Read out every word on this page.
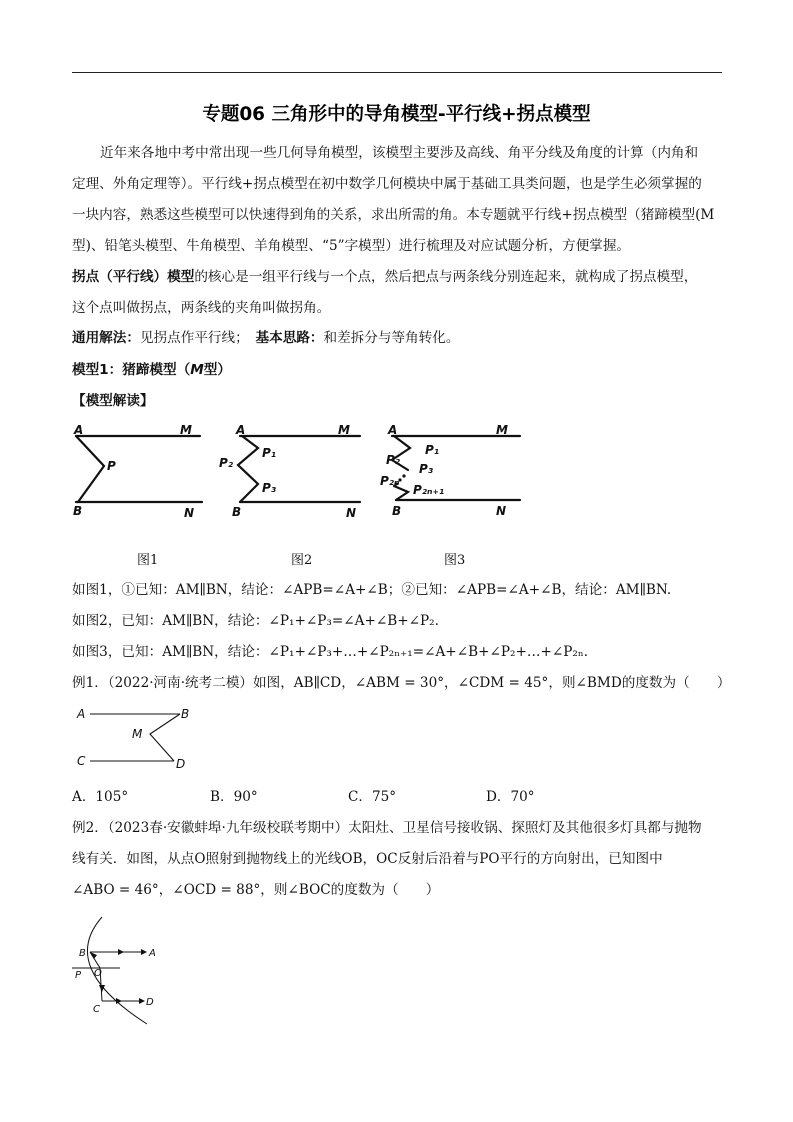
专题06 三角形中的导角模型-平行线+拐点模型
近年来各地中考中常出现一些几何导角模型，该模型主要涉及高线、角平分线及角度的计算（内角和
定理、外角定理等）。平行线+拐点模型在初中数学几何模块中属于基础工具类问题，也是学生必须掌握的
一块内容，熟悉这些模型可以快速得到角的关系，求出所需的角。本专题就平行线+拐点模型（猪蹄模型(M
型)、铅笔头模型、牛角模型、羊角模型、“5”字模型）进行梳理及对应试题分析，方便掌握。
拐点（平行线）模型的核心是一组平行线与一个点，然后把点与两条线分别连起来，就构成了拐点模型，
这个点叫做拐点，两条线的夹角叫做拐角。
通用解法：见拐点作平行线；　 基本思路：和差拆分与等角转化。
模型1：猪蹄模型（M型）
【模型解读】
A	M
P
B	N
A	M
P₁
P₂
P₃
B	N
A	M
P₁
P₂
P₃
P₂ₙ
P₂ₙ₊₁
B	N
图1	图2	图3
如图1，①已知：AM∥BN，结论：∠APB=∠A+∠B；②已知：∠APB=∠A+∠B，结论：AM∥BN.
如图2，已知：AM∥BN，结论：∠P₁+∠P₃=∠A+∠B+∠P₂.
如图3，已知：AM∥BN，结论：∠P₁+∠P₃+…+∠P₂ₙ₊₁=∠A+∠B+∠P₂+…+∠P₂ₙ.
例1．（2022·河南·统考二模）如图，AB∥CD，∠ABM = 30°，∠CDM = 45°，则∠BMD的度数为（　　）
A	B
M
C	D
A．105°	B．90°	C．75°	D．70°
例2．（2023春·安徽蚌埠·九年级校联考期中）太阳灶、卫星信号接收锅、探照灯及其他很多灯具都与抛物
线有关．如图，从点O照射到抛物线上的光线OB，OC反射后沿着与PO平行的方向射出，已知图中
∠ABO = 46°，∠OCD = 88°，则∠BOC的度数为（　　）
B	A
P O
C
D
